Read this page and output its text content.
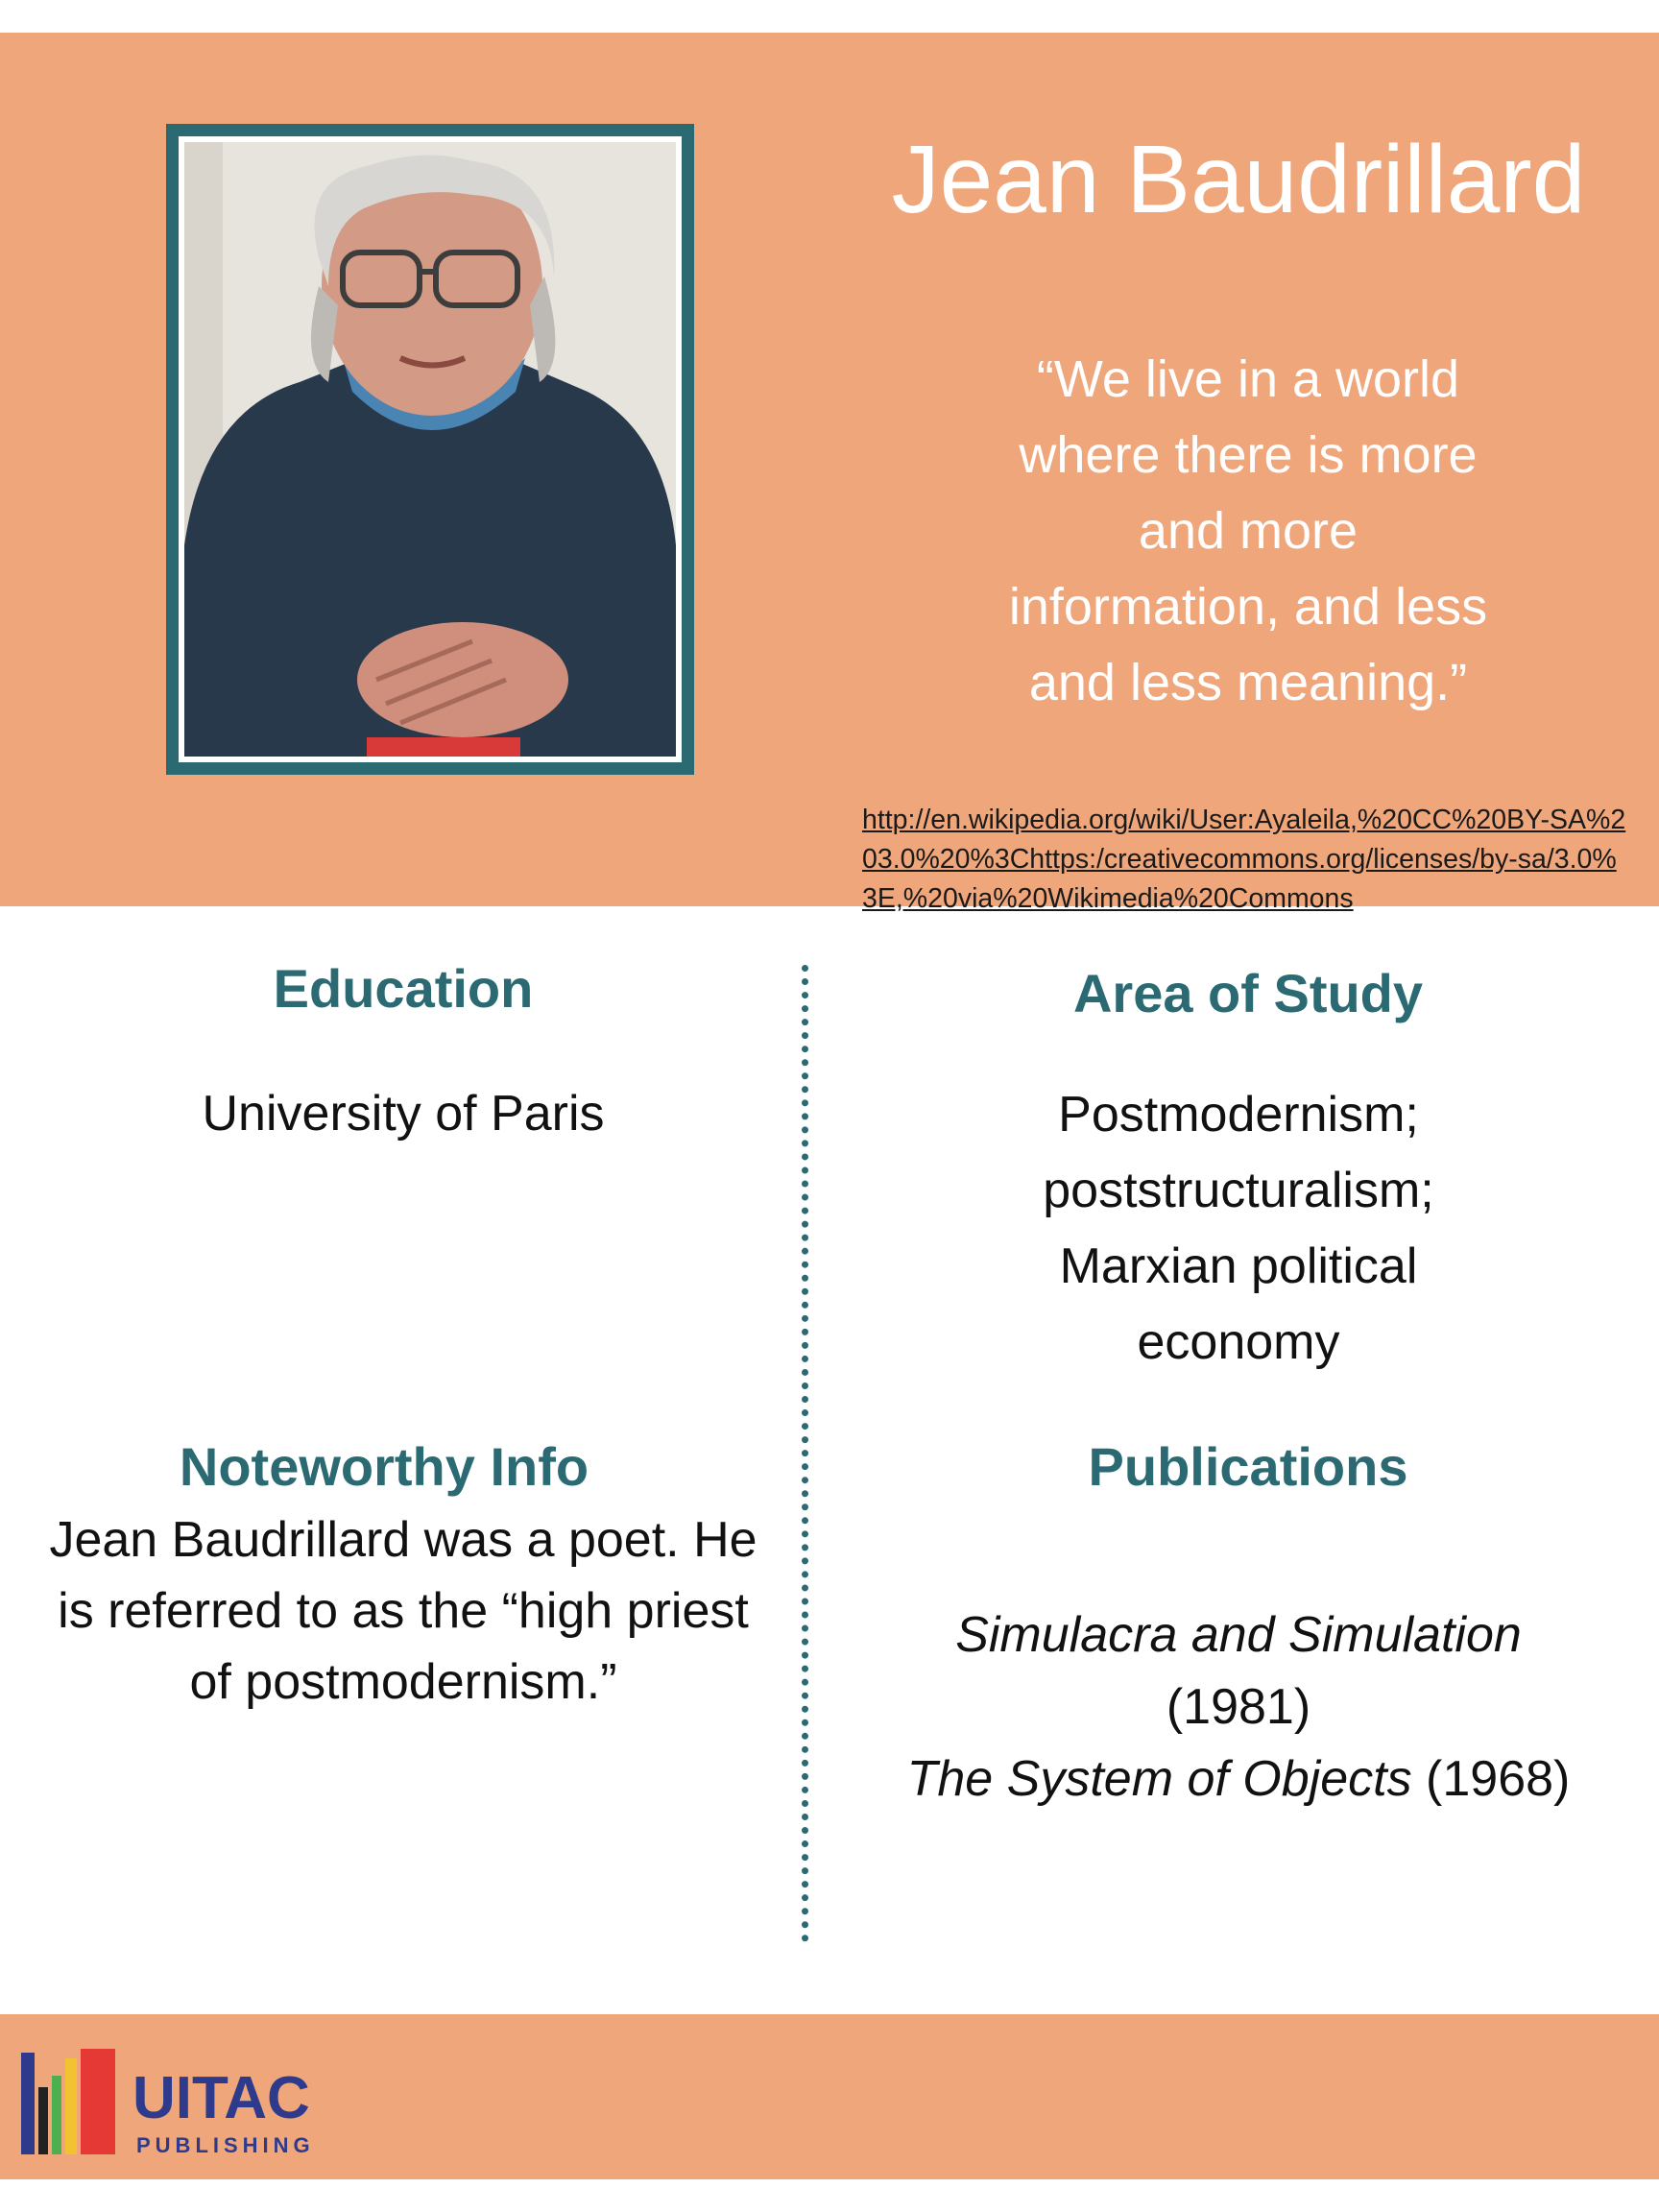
Jean Baudrillard
“We live in a world
where there is more
and more
information, and less
and less meaning.”
http://en.wikipedia.org/wiki/User:Ayaleila,%20CC%20BY-SA%203.0%20%3Chttps:/creativecommons.org/licenses/by-sa/3.0%3E,%20via%20Wikimedia%20Commons
Education
University of Paris
Area of Study
Postmodernism;
poststructuralism;
Marxian political
economy
Noteworthy Info
Jean Baudrillard was a poet. He
is referred to as the “high priest
of postmodernism.”
Publications
Simulacra and Simulation
(1981)
The System of Objects (1968)
UITAC
PUBLISHING
